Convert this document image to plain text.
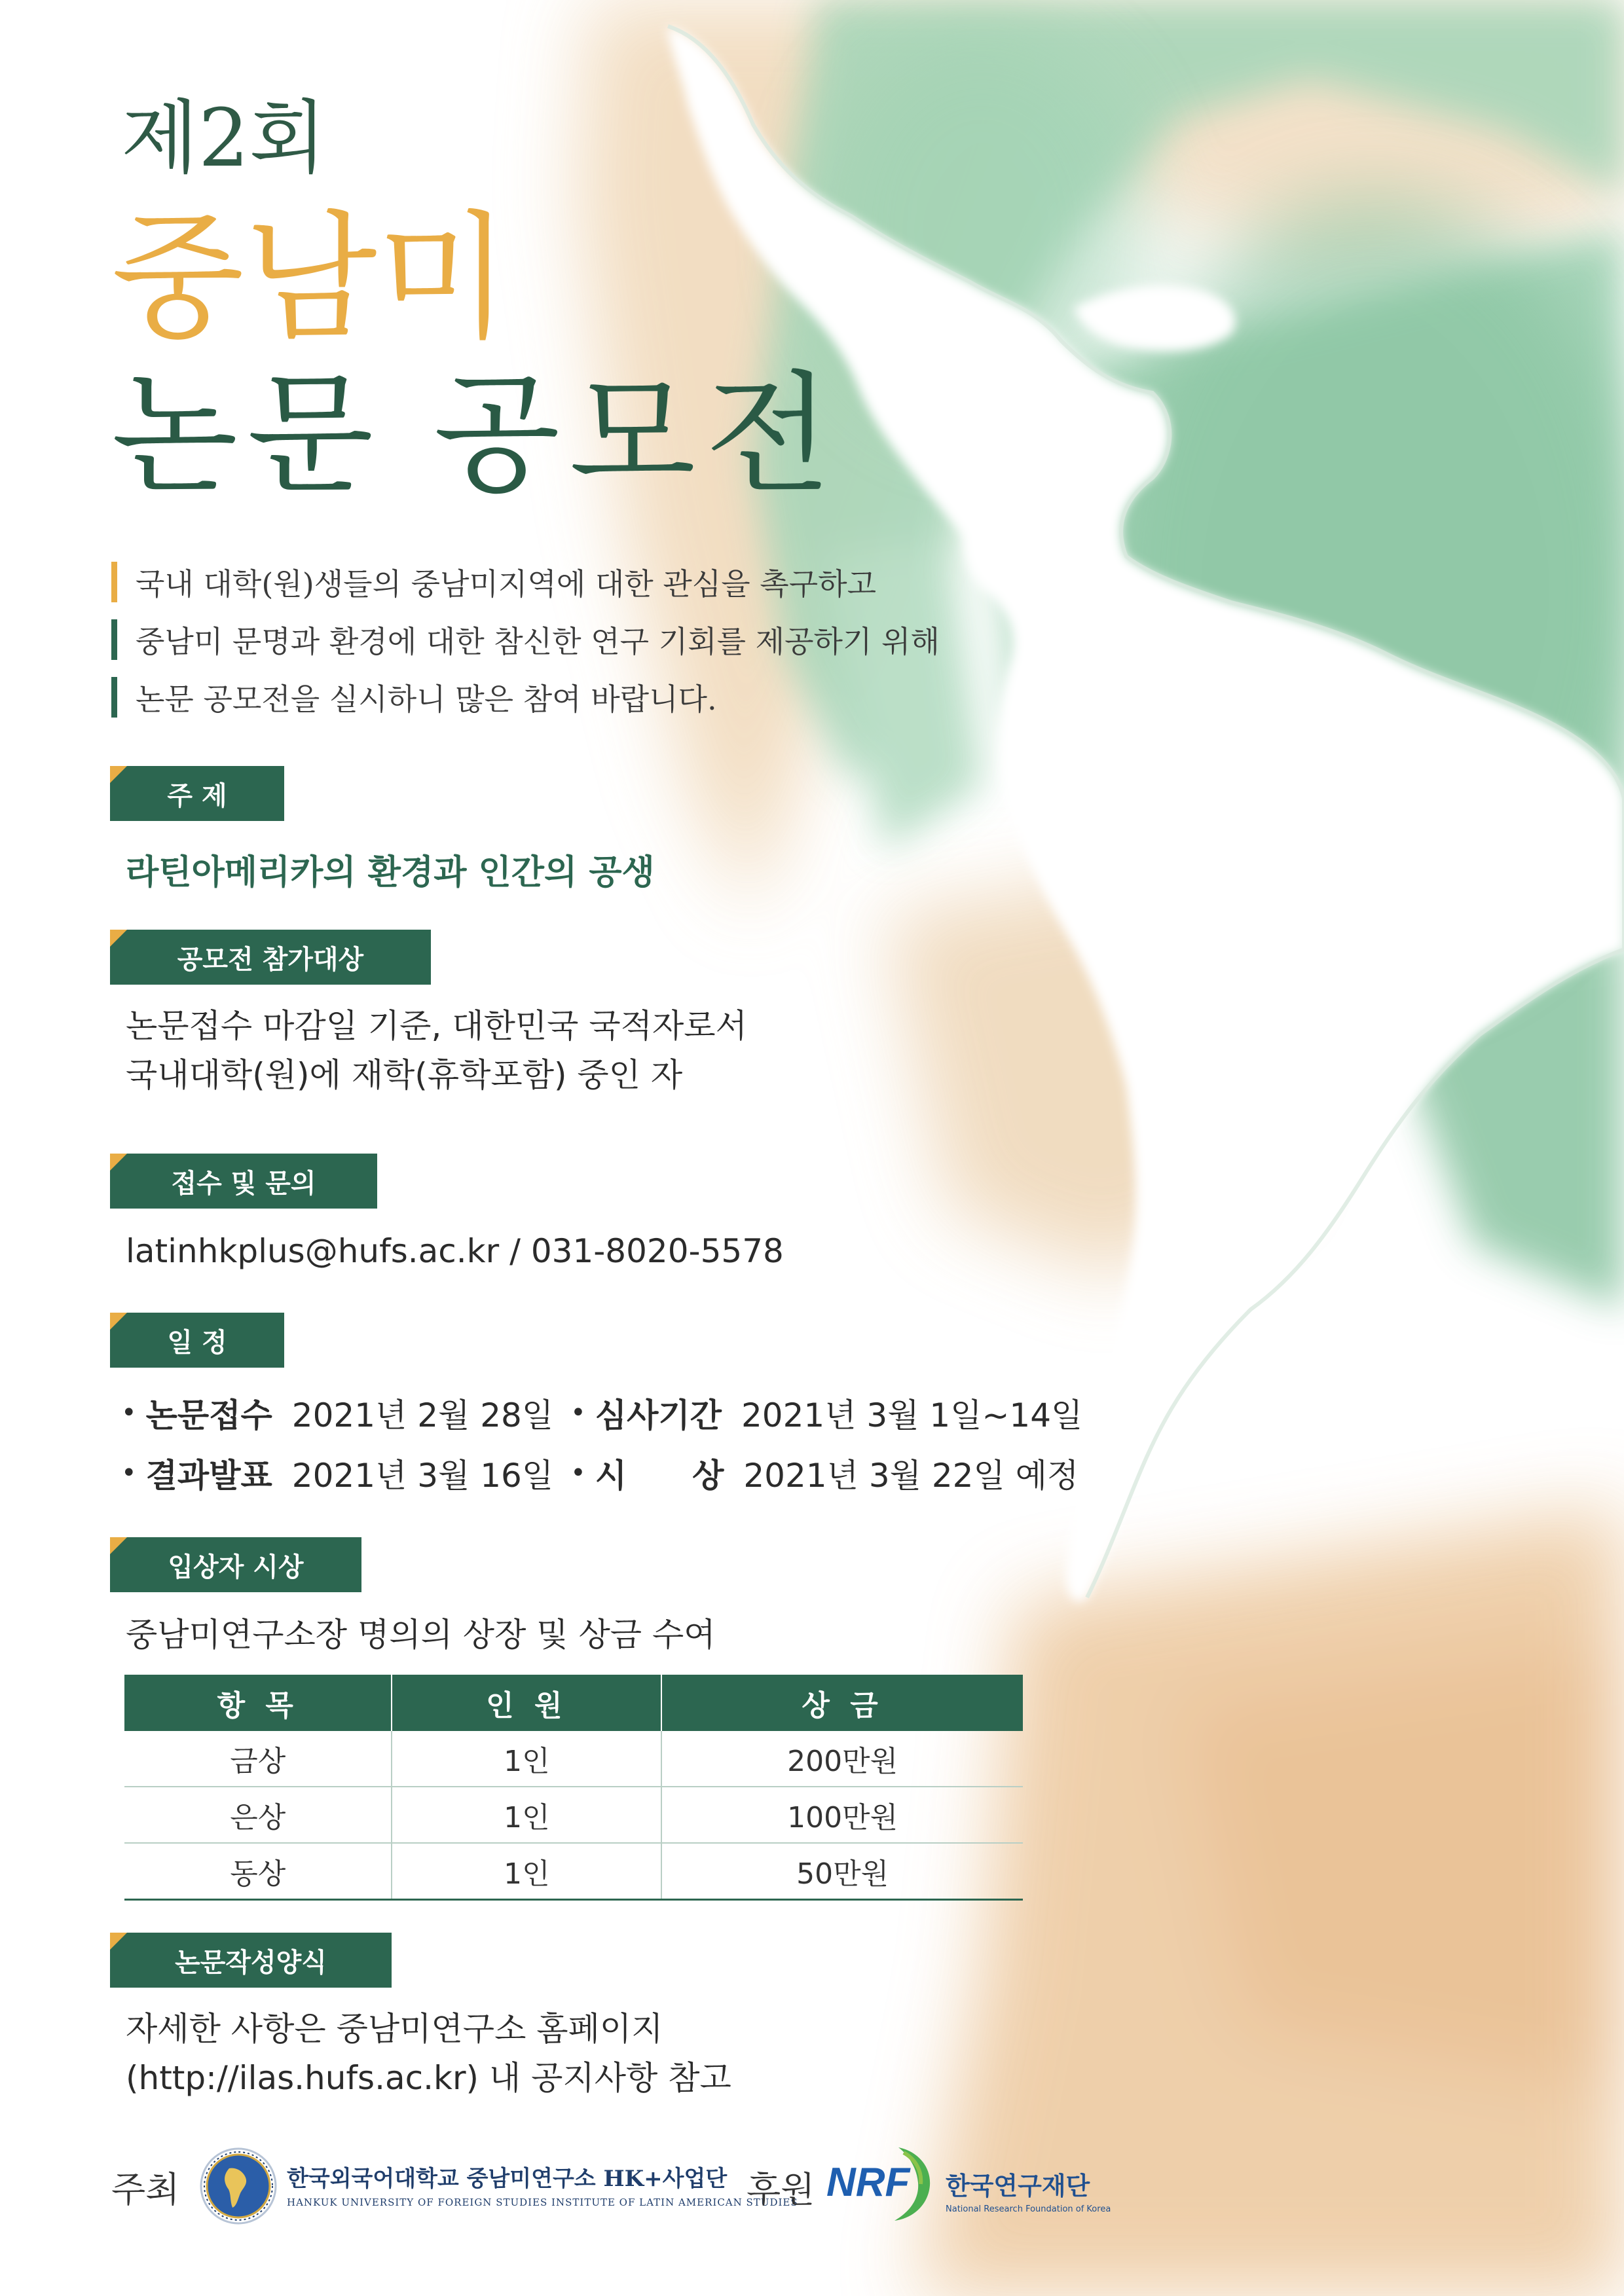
제2회
중남미
논문 공모전
국내 대학(원)생들의 중남미지역에 대한 관심을 촉구하고
중남미 문명과 환경에 대한 참신한 연구 기회를 제공하기 위해
논문 공모전을 실시하니 많은 참여 바랍니다.
주 제
라틴아메리카의 환경과 인간의 공생
공모전 참가대상
논문접수 마감일 기준, 대한민국 국적자로서
국내대학(원)에 재학(휴학포함) 중인 자
접수 및 문의
latinhkplus@hufs.ac.kr / 031-8020-5578
일 정
• 논문접수 2021년 2월 28일 • 심사기간 2021년 3월 1일~14일
• 결과발표 2021년 3월 16일 • 시　　상 2021년 3월 22일 예정
입상자 시상
중남미연구소장 명의의 상장 및 상금 수여
항 목	인 원	상 금
금상	1인	200만원
은상	1인	100만원
동상	1인	50만원
논문작성양식
자세한 사항은 중남미연구소 홈페이지
(http://ilas.hufs.ac.kr) 내 공지사항 참고
주최	한국외국어대학교 중남미연구소 HK+사업단
HANKUK UNIVERSITY OF FOREIGN STUDIES INSTITUTE OF LATIN AMERICAN STUDIES
후원 NRF 한국연구재단
National Research Foundation of Korea
